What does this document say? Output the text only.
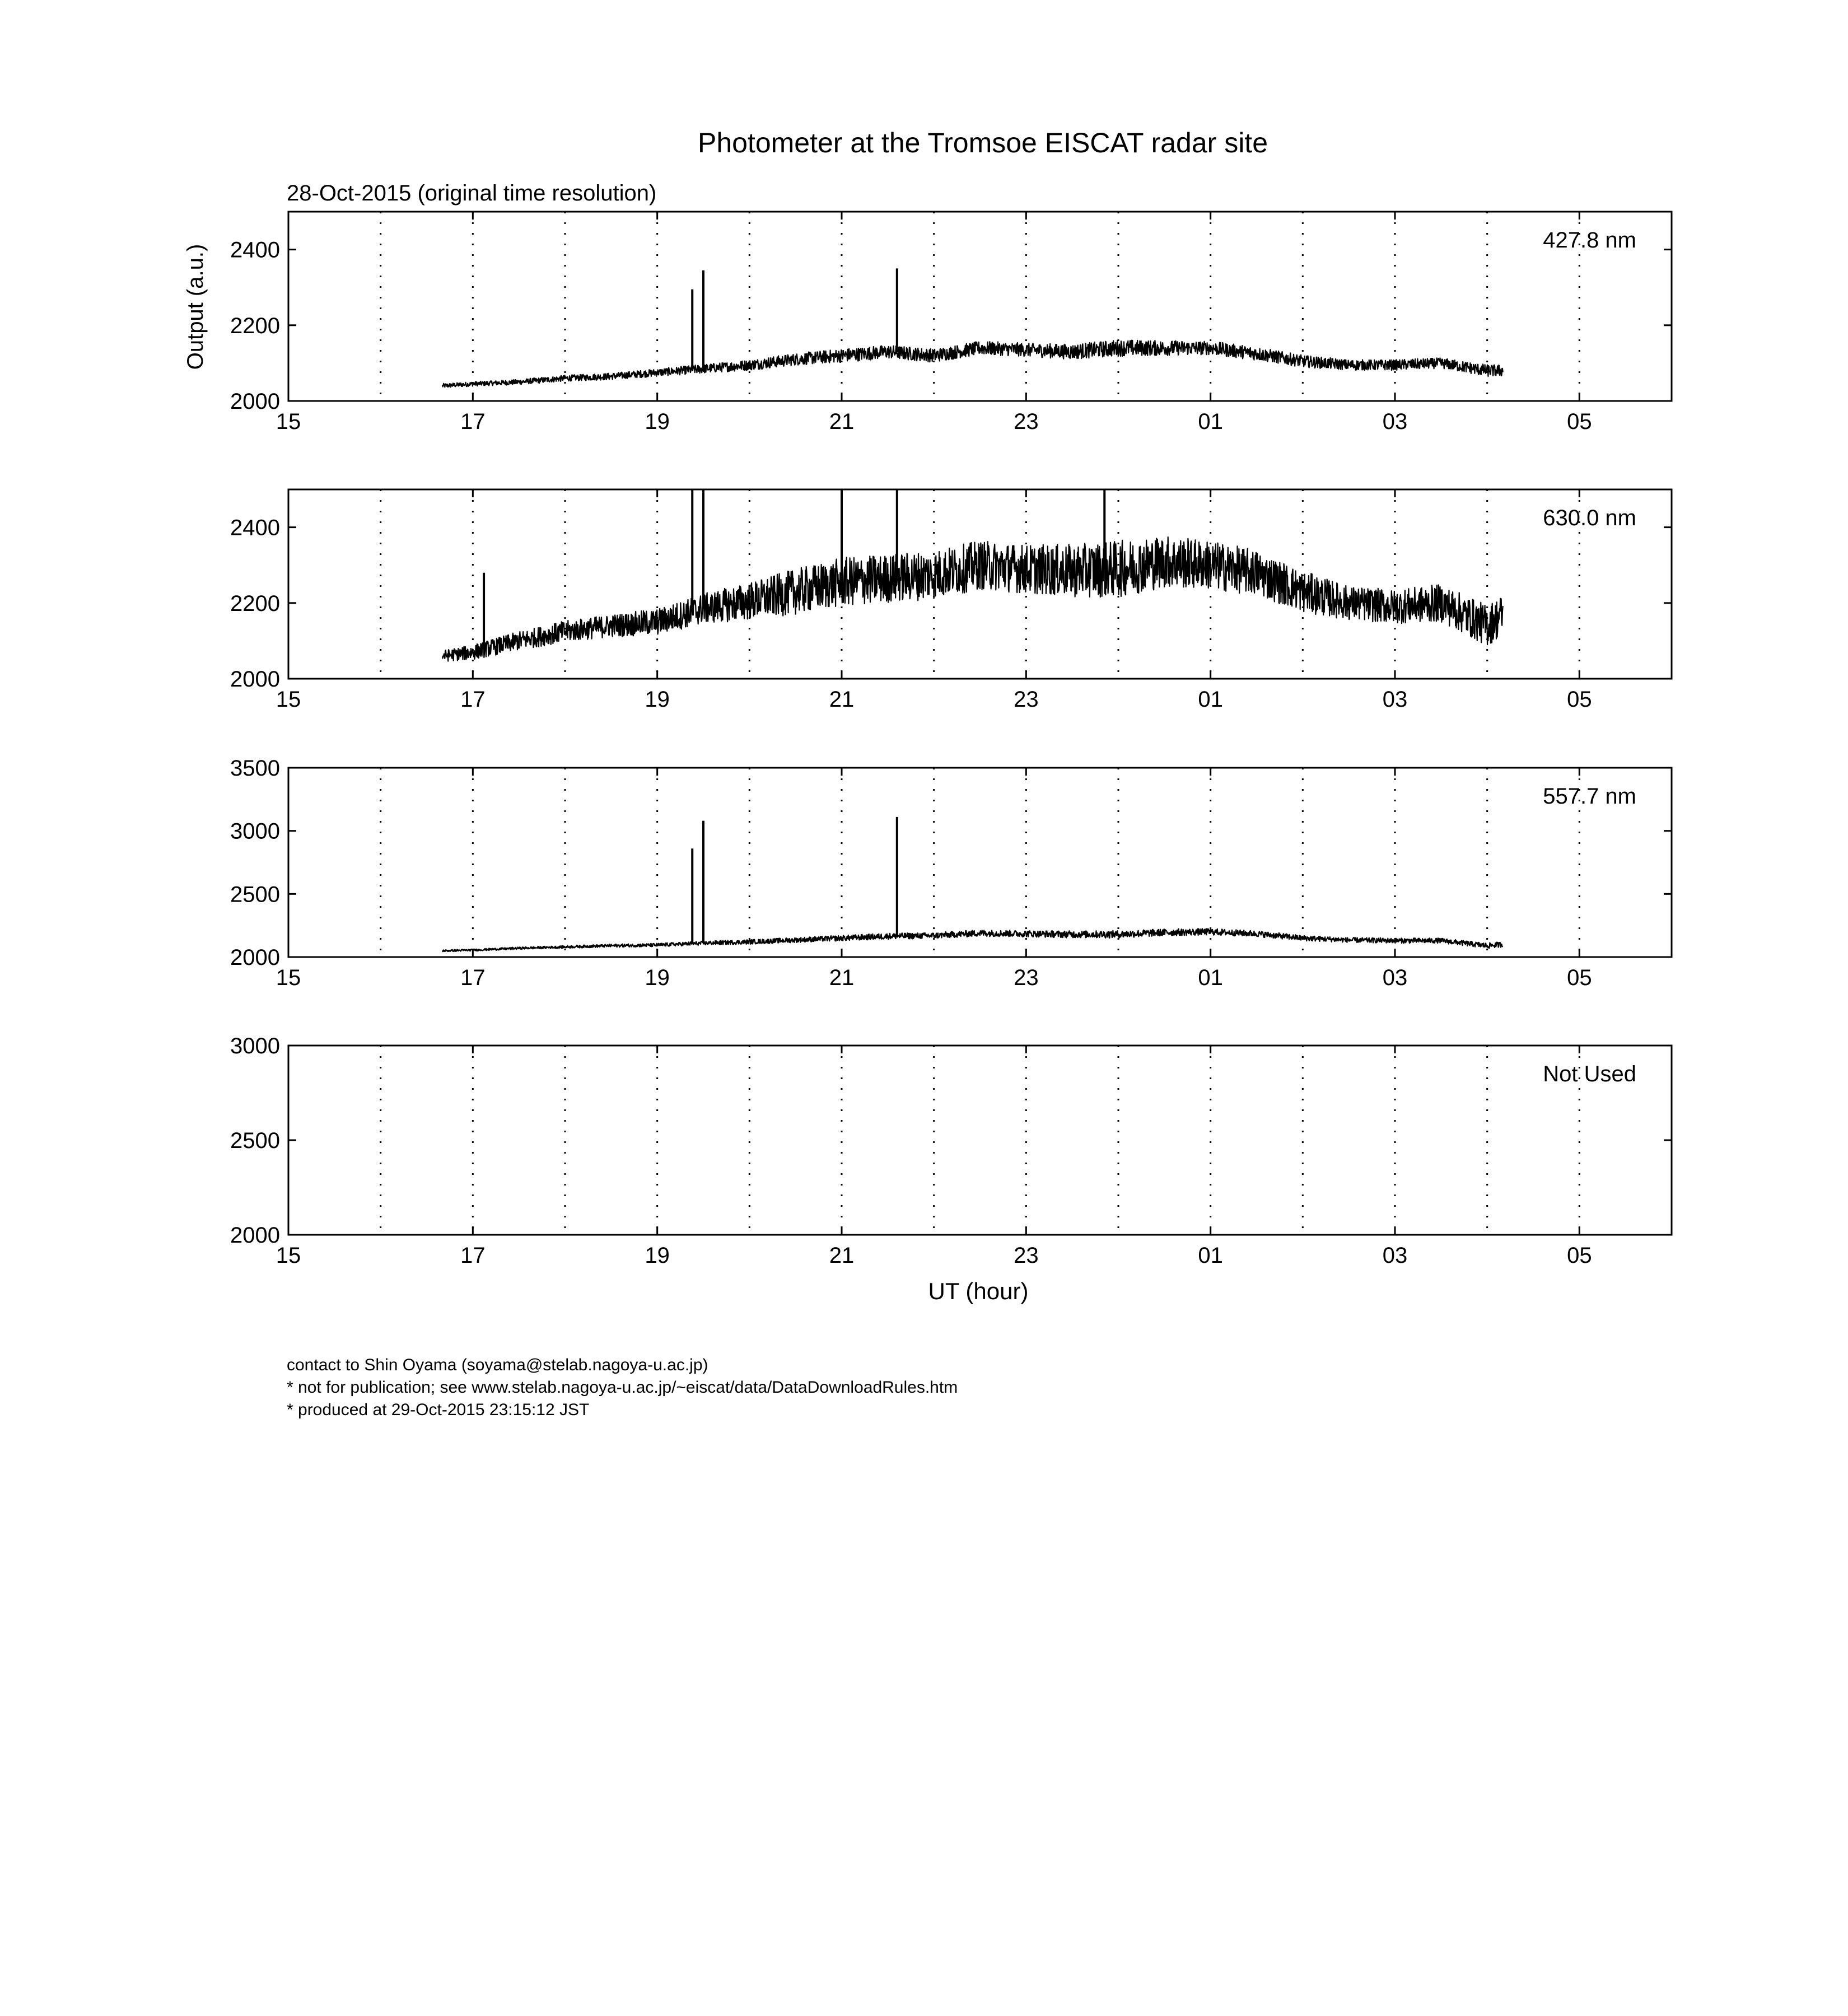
Photometer at the Tromsoe EISCAT radar site
28-Oct-2015 (original time resolution)
Output (a.u.)
UT (hour)
15	17	19	21	23	01	03	05
2000
2200
2400	427.8 nm
15	17	19	21	23	01	03	05
2000
2200
2400	630.0 nm
15	17	19	21	23	01	03	05
2000
2500
3000
3500
557.7 nm
15	17	19	21	23	01	03	05
2000
2500
3000
Not Used
contact to Shin Oyama (soyama@stelab.nagoya-u.ac.jp)
* not for publication; see www.stelab.nagoya-u.ac.jp/~eiscat/data/DataDownloadRules.htm
* produced at 29-Oct-2015 23:15:12 JST
